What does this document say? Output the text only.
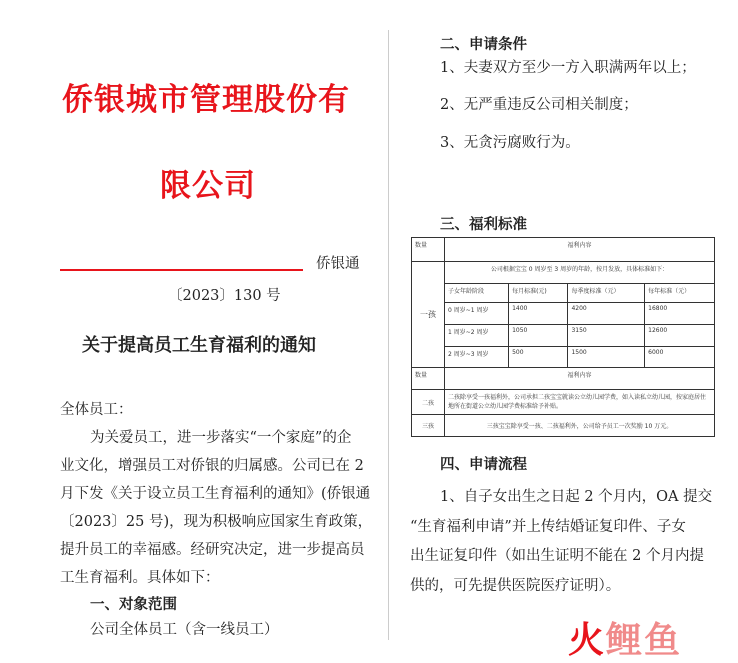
侨银城市管理股份有
限公司
侨银通
〔2023〕130 号
关于提高员工生育福利的通知
全体员工：
为关爱员工，进一步落实“一个家庭”的企
业文化，增强员工对侨银的归属感。公司已在 2
月下发《关于设立员工生育福利的通知》(侨银通
〔2023〕25 号)，现为积极响应国家生育政策，
提升员工的幸福感。经研究决定，进一步提高员
工生育福利。具体如下：
一、对象范围
公司全体员工（含一线员工）
二、申请条件
1、夫妻双方至少一方入职满两年以上；
2、无严重违反公司相关制度；
3、无贪污腐败行为。
三、福利标准
数量	福利内容			
一孩	公司根据宝宝 0 周岁至 3 周岁的年龄，按月发放，具体标准如下：			
	子女年龄阶段	每月标准(元)	每季度标准（元）	每年标准（元）
	0 周岁~1 周岁	1400	4200	16800
	1 周岁~2 周岁	1050	3150	12600
	2 周岁~3 周岁	500	1500	6000
数量	福利内容			
二孩	二孩除享受一孩福利外，公司承担二孩宝宝就读公立幼儿园学费，如入读私立幼儿园，按家庭居住地所在街道公立幼儿园学费标准给予补贴。			
三孩	三孩宝宝除享受一孩、二孩福利外，公司给予员工一次奖励 10 万元。			
四、申请流程
1、自子女出生之日起 2 个月内，OA 提交
“生育福利申请”并上传结婚证复印件、子女
出生证复印件（如出生证明不能在 2 个月内提
供的，可先提供医院医疗证明）。
火鲤鱼
